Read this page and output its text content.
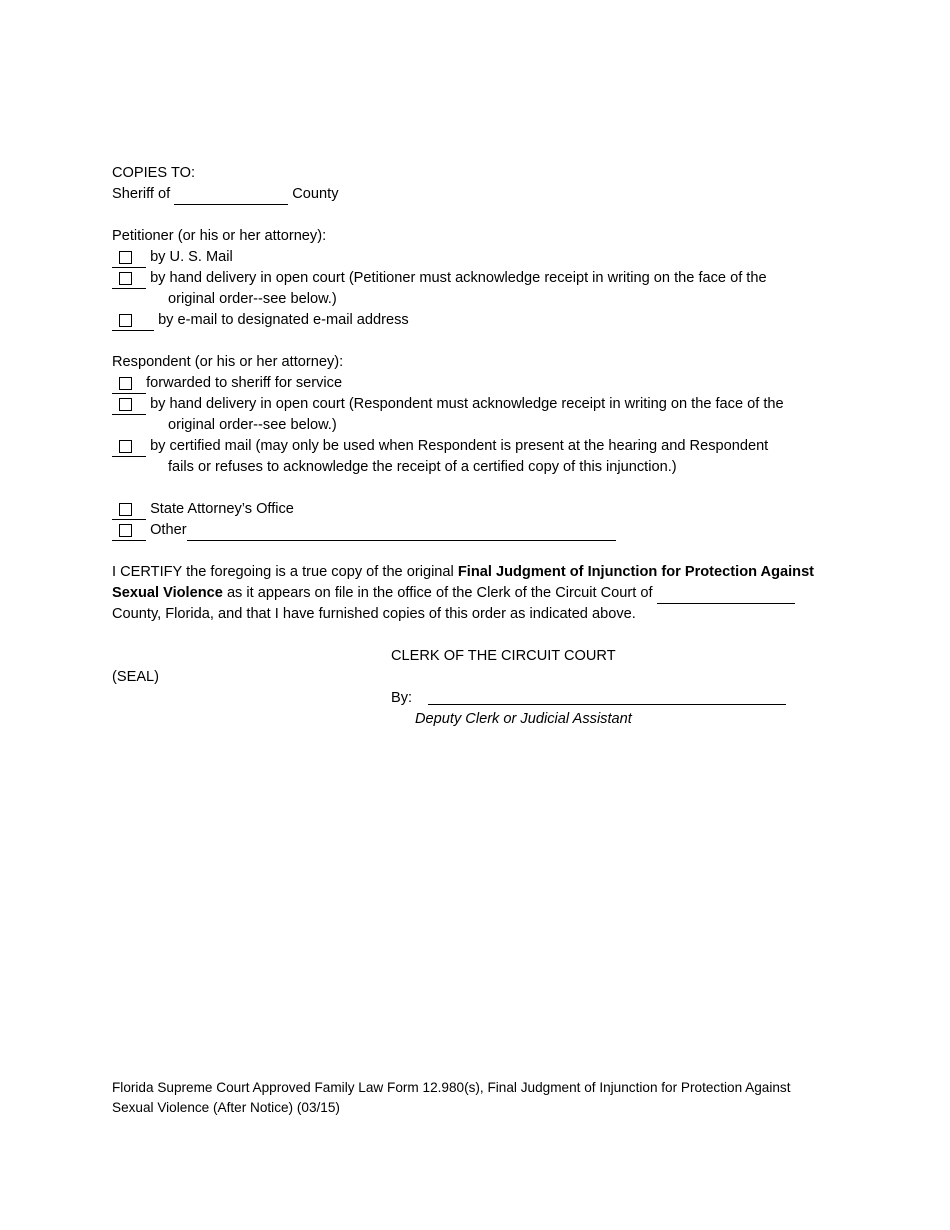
COPIES TO:
Sheriff of	County
Petitioner (or his or her attorney):
by U. S. Mail
by hand delivery in open court (Petitioner must acknowledge receipt in writing on the face of the
original order--see below.)
by e-mail to designated e-mail address
Respondent (or his or her attorney):
forwarded to sheriff for service
by hand delivery in open court (Respondent must acknowledge receipt in writing on the face of the
original order--see below.)
by certified mail (may only be used when Respondent is present at the hearing and Respondent
fails or refuses to acknowledge the receipt of a certified copy of this injunction.)
State Attorney’s Office
Other
I CERTIFY the foregoing is a true copy of the original Final Judgment of Injunction for Protection Against
Sexual Violence as it appears on file in the office of the Clerk of the Circuit Court of
County, Florida, and that I have furnished copies of this order as indicated above.
CLERK OF THE CIRCUIT COURT
(SEAL)
By:
Deputy Clerk or Judicial Assistant
Florida Supreme Court Approved Family Law Form 12.980(s), Final Judgment of Injunction for Protection Against
Sexual Violence (After Notice) (03/15)
